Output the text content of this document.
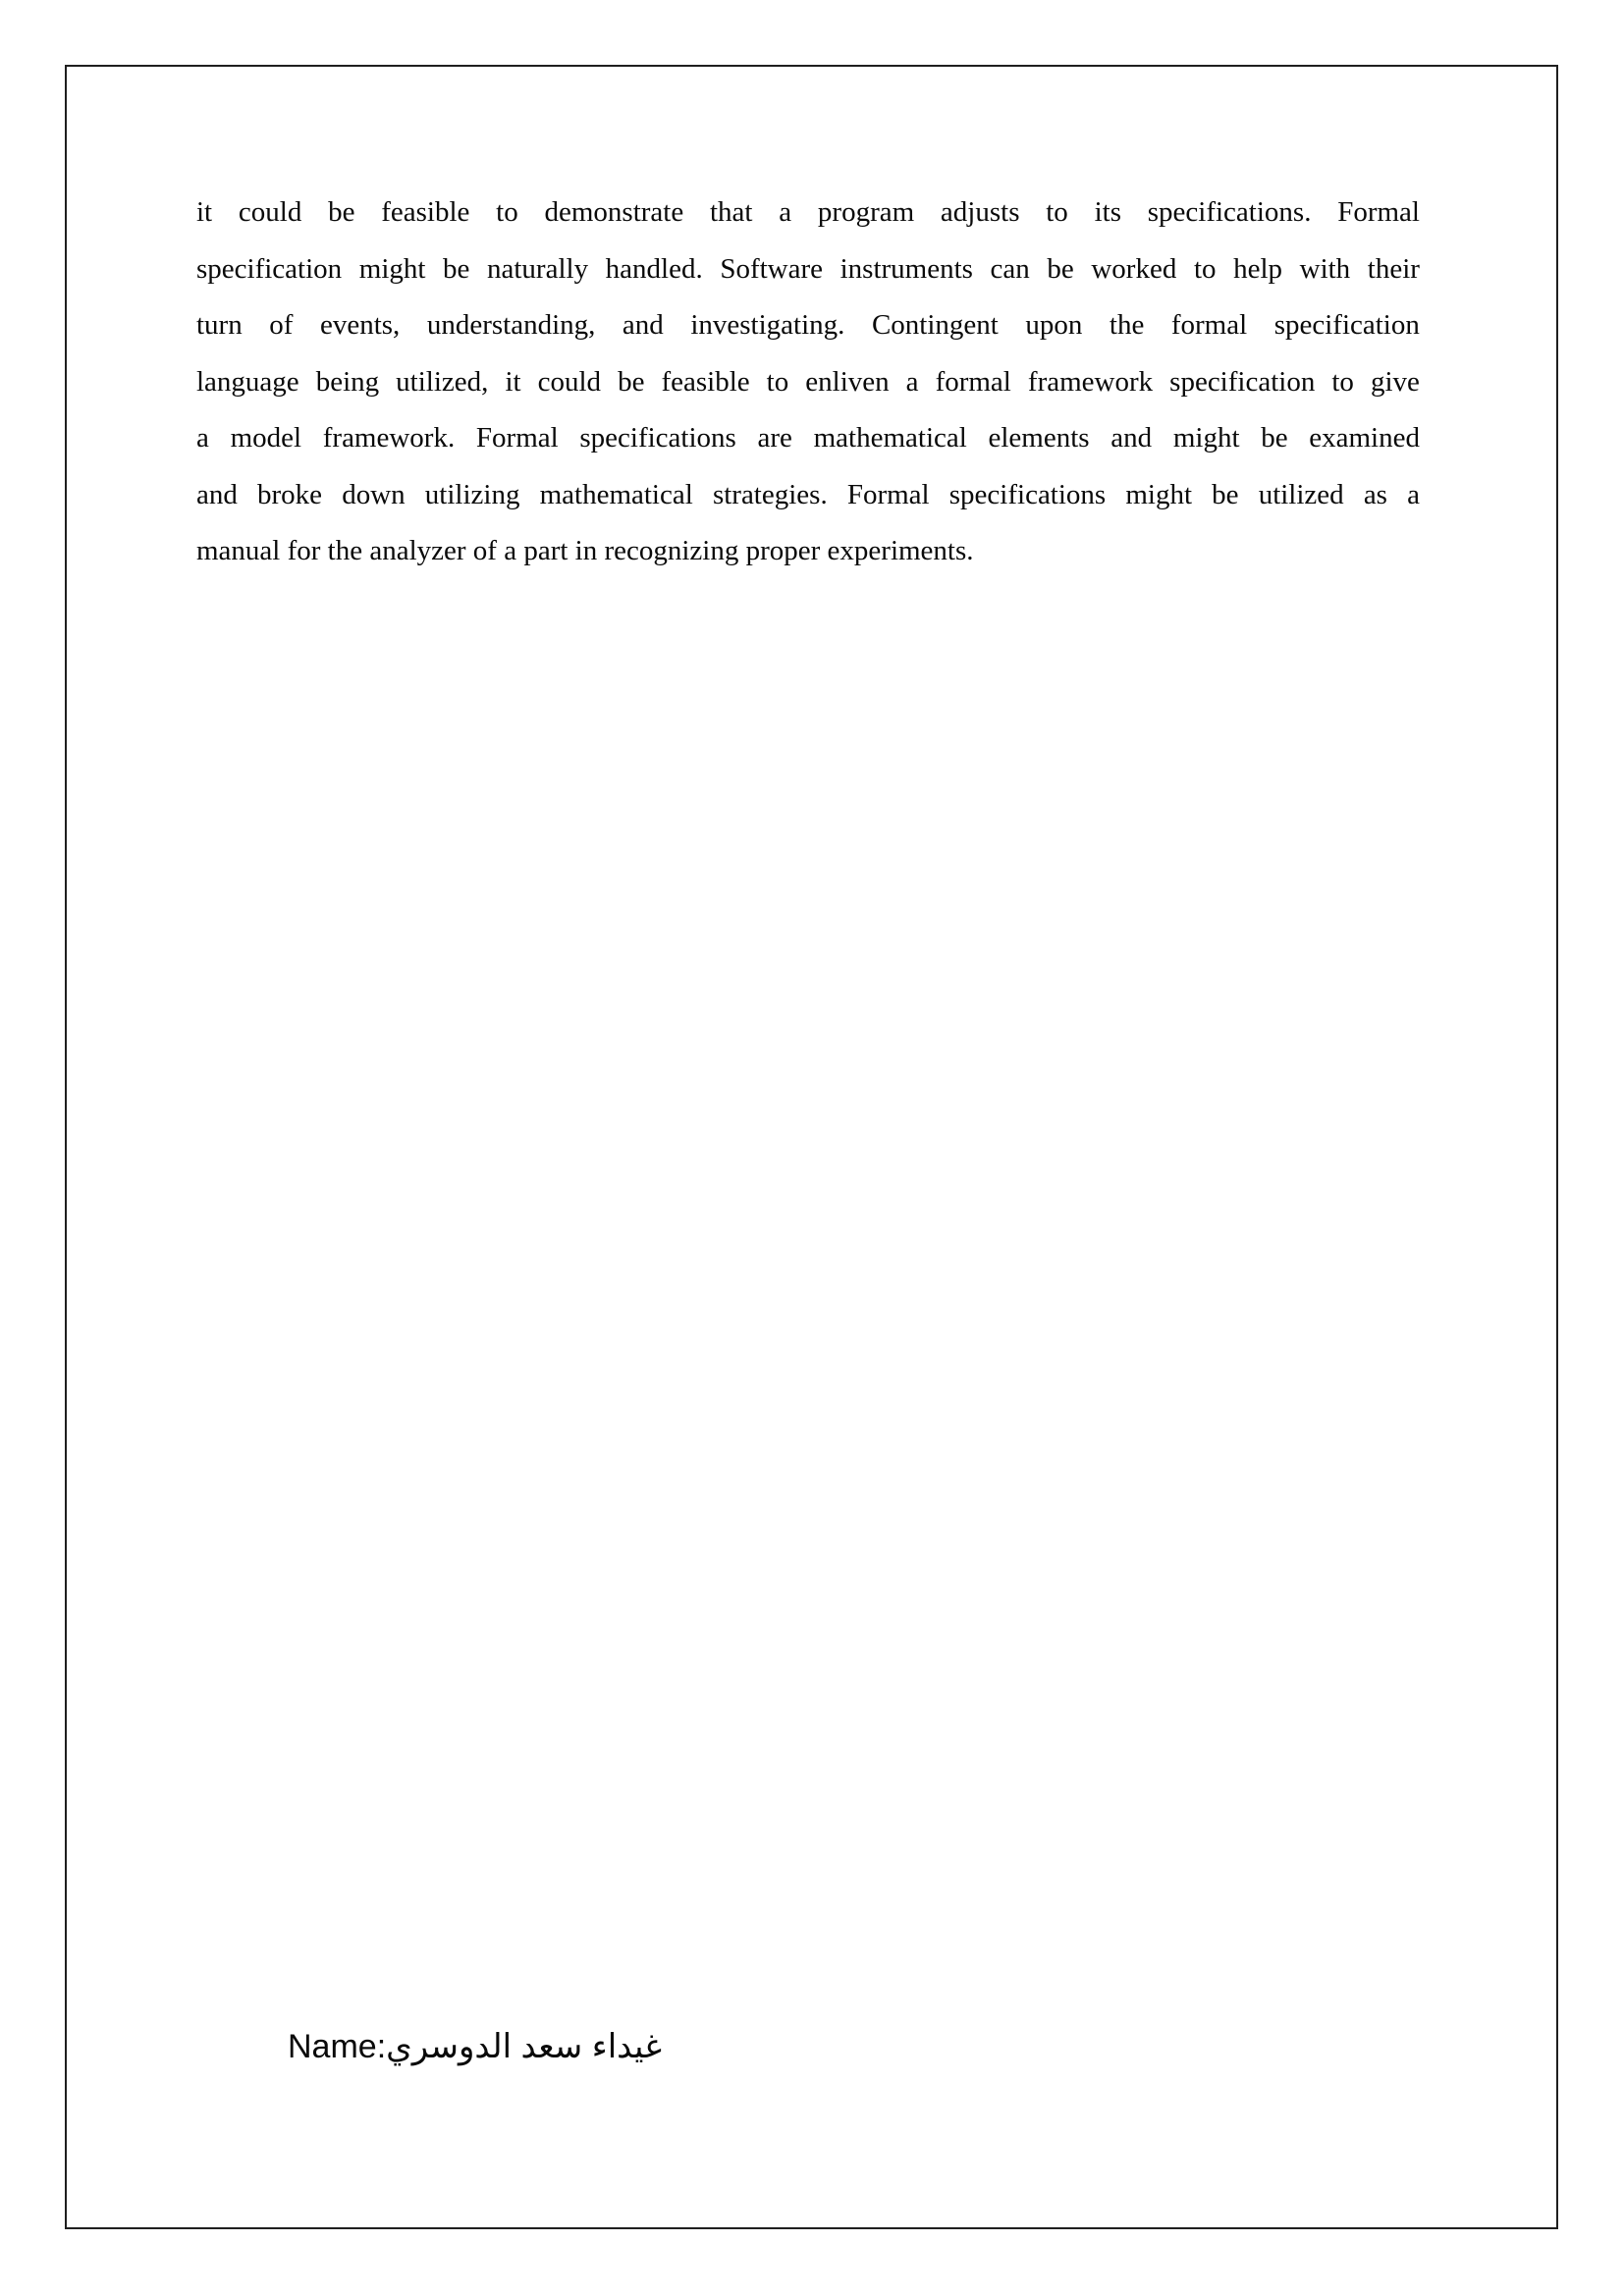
it could be feasible to demonstrate that a program adjusts to its specifications. Formal
specification might be naturally handled. Software instruments can be worked to help with their
turn of events, understanding, and investigating. Contingent upon the formal specification
language being utilized, it could be feasible to enliven a formal framework specification to give
a model framework. Formal specifications are mathematical elements and might be examined
and broke down utilizing mathematical strategies. Formal specifications might be utilized as a
manual for the analyzer of a part in recognizing proper experiments.
Name:غيداء سعد الدوسري
